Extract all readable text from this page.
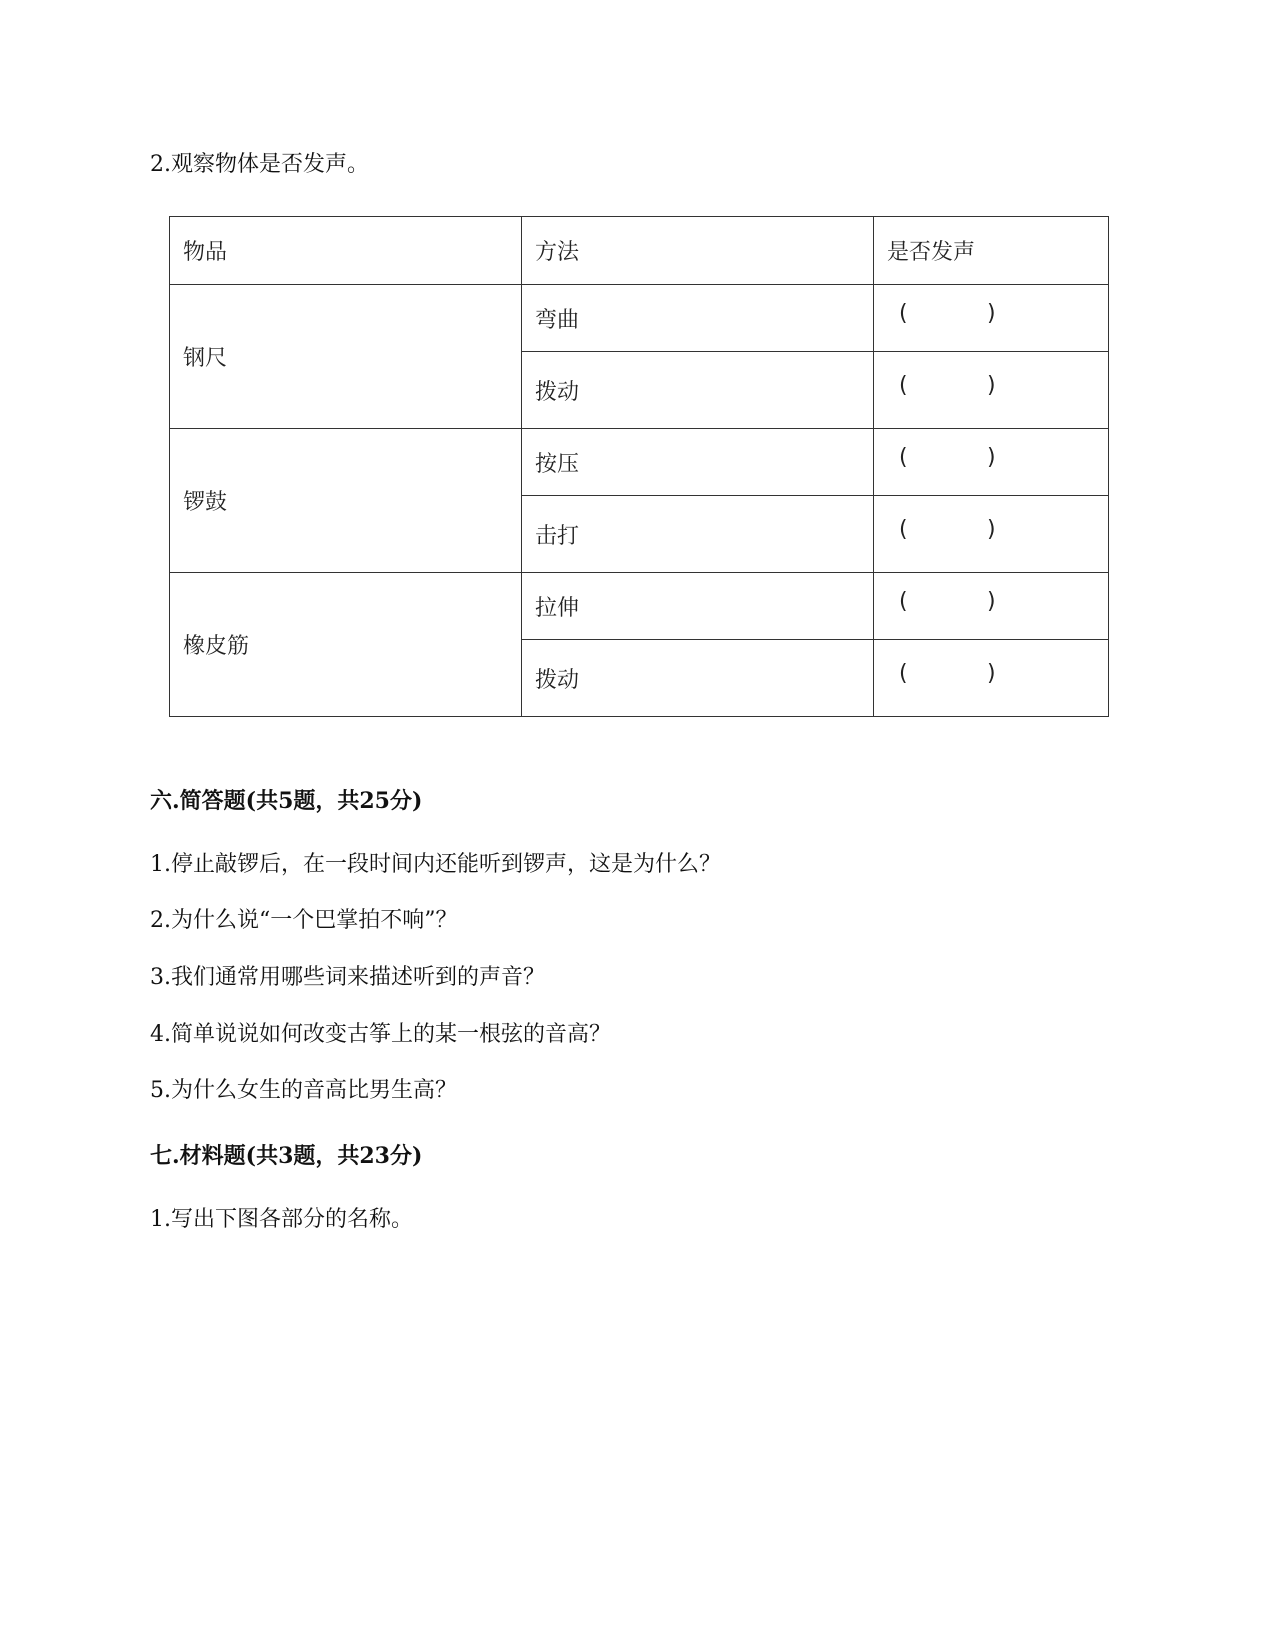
2.观察物体是否发声。
物品	方法	是否发声
钢尺	弯曲	( )

	拨动	( )

锣鼓	按压	( )

	击打	( )

橡皮筋	拉伸	( )

	拨动	( )
六.简答题(共5题，共25分)
1.停止敲锣后，在一段时间内还能听到锣声，这是为什么？
2.为什么说“一个巴掌拍不响”？
3.我们通常用哪些词来描述听到的声音？
4.简单说说如何改变古筝上的某一根弦的音高？
5.为什么女生的音高比男生高？
七.材料题(共3题，共23分)
1.写出下图各部分的名称。
